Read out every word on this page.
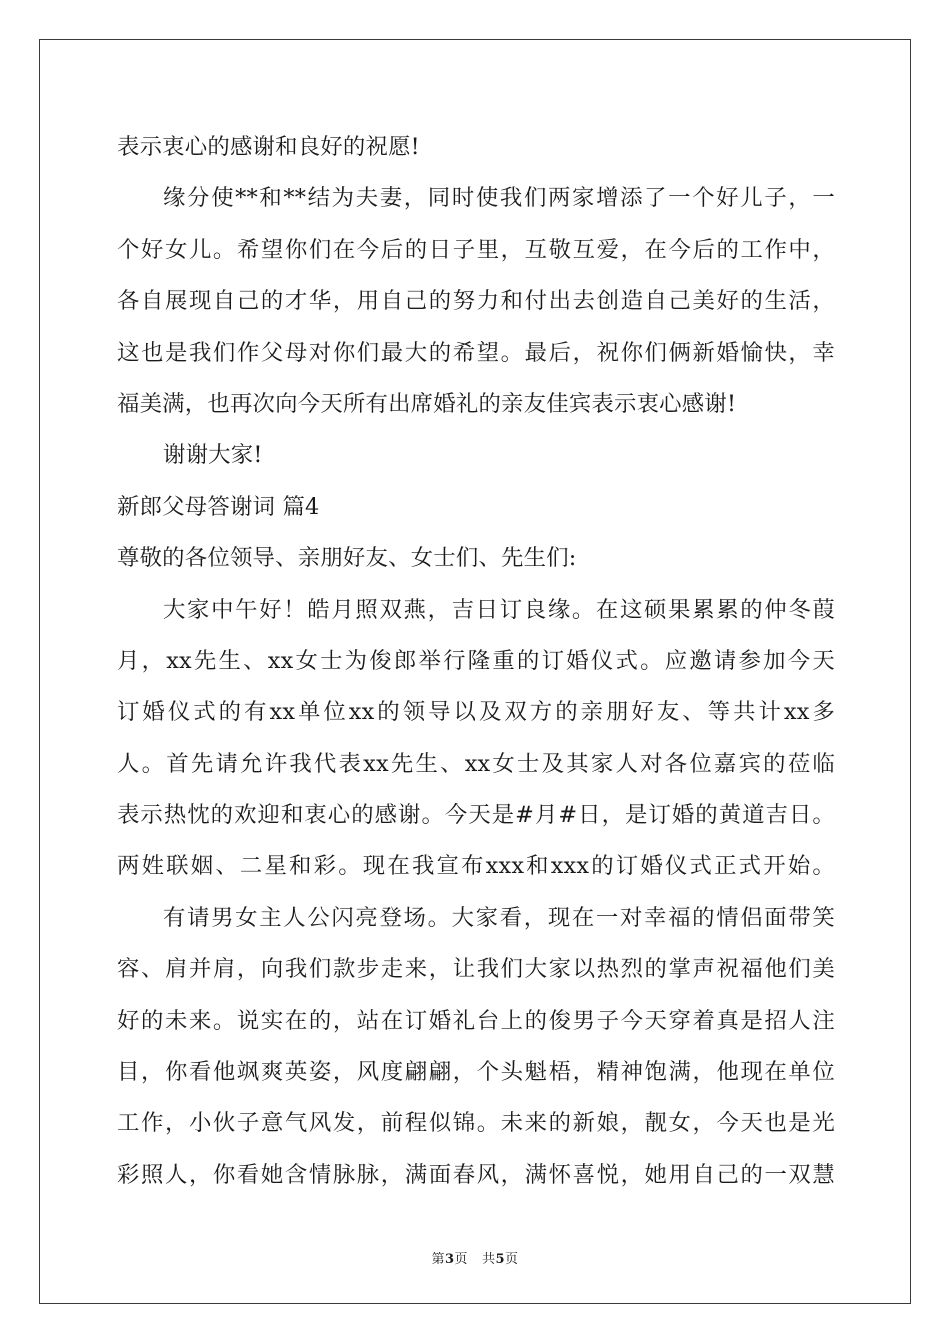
表示衷心的感谢和良好的祝愿!
缘分使**和**结为夫妻，同时使我们两家增添了一个好儿子，一
个好女儿。希望你们在今后的日子里，互敬互爱，在今后的工作中，
各自展现自己的才华，用自己的努力和付出去创造自己美好的生活，
这也是我们作父母对你们最大的希望。最后，祝你们俩新婚愉快，幸
福美满，也再次向今天所有出席婚礼的亲友佳宾表示衷心感谢!
谢谢大家!
新郎父母答谢词 篇4
尊敬的各位领导、亲朋好友、女士们、先生们:
大家中午好！皓月照双燕，吉日订良缘。在这硕果累累的仲冬葭
月，xx先生、xx女士为俊郎举行隆重的订婚仪式。应邀请参加今天
订婚仪式的有xx单位xx的领导以及双方的亲朋好友、等共计xx多
人。首先请允许我代表xx先生、xx女士及其家人对各位嘉宾的莅临
表示热忱的欢迎和衷心的感谢。今天是#月#日，是订婚的黄道吉日。
两姓联姻、二星和彩。现在我宣布xxx和xxx的订婚仪式正式开始。
有请男女主人公闪亮登场。大家看，现在一对幸福的情侣面带笑
容、肩并肩，向我们款步走来，让我们大家以热烈的掌声祝福他们美
好的未来。说实在的，站在订婚礼台上的俊男子今天穿着真是招人注
目，你看他飒爽英姿，风度翩翩，个头魁梧，精神饱满，他现在单位
工作，小伙子意气风发，前程似锦。未来的新娘，靓女，今天也是光
彩照人，你看她含情脉脉，满面春风，满怀喜悦，她用自己的一双慧
第3页 共5页
